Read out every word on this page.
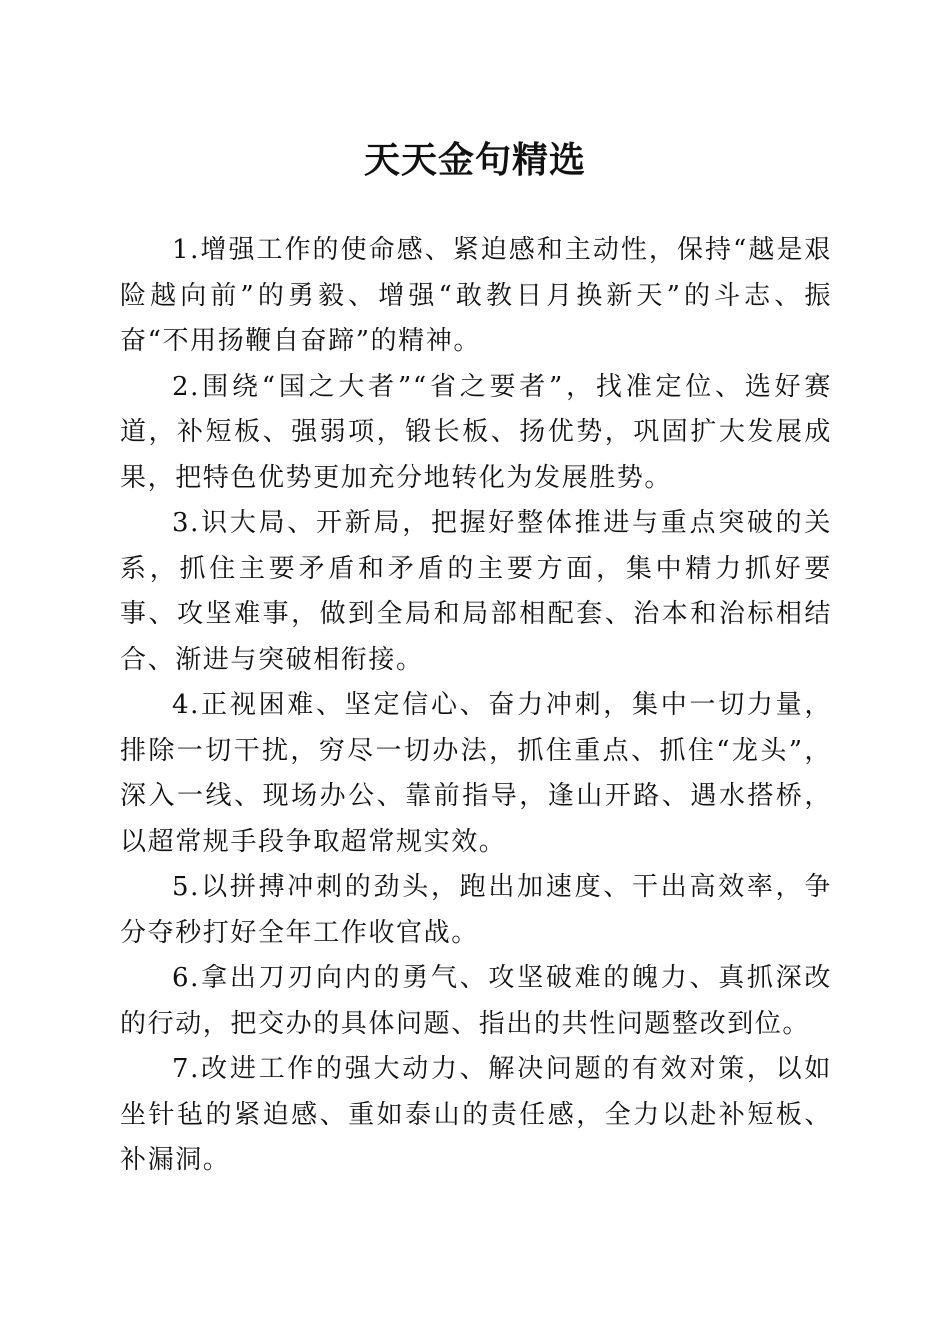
天天金句精选

1.增强工作的使命感、紧迫感和主动性，保持“越是艰险越向前”的勇毅、增强“敢教日月换新天”的斗志、振奋“不用扬鞭自奋蹄”的精神。

2.围绕“国之大者”“省之要者”，找准定位、选好赛道，补短板、强弱项，锻长板、扬优势，巩固扩大发展成果，把特色优势更加充分地转化为发展胜势。

3.识大局、开新局，把握好整体推进与重点突破的关系，抓住主要矛盾和矛盾的主要方面，集中精力抓好要事、攻坚难事，做到全局和局部相配套、治本和治标相结合、渐进与突破相衔接。

4.正视困难、坚定信心、奋力冲刺，集中一切力量，排除一切干扰，穷尽一切办法，抓住重点、抓住“龙头”，深入一线、现场办公、靠前指导，逢山开路、遇水搭桥，以超常规手段争取超常规实效。

5.以拼搏冲刺的劲头，跑出加速度、干出高效率，争分夺秒打好全年工作收官战。

6.拿出刀刃向内的勇气、攻坚破难的魄力、真抓深改的行动，把交办的具体问题、指出的共性问题整改到位。

7.改进工作的强大动力、解决问题的有效对策，以如坐针毡的紧迫感、重如泰山的责任感，全力以赴补短板、补漏洞。
